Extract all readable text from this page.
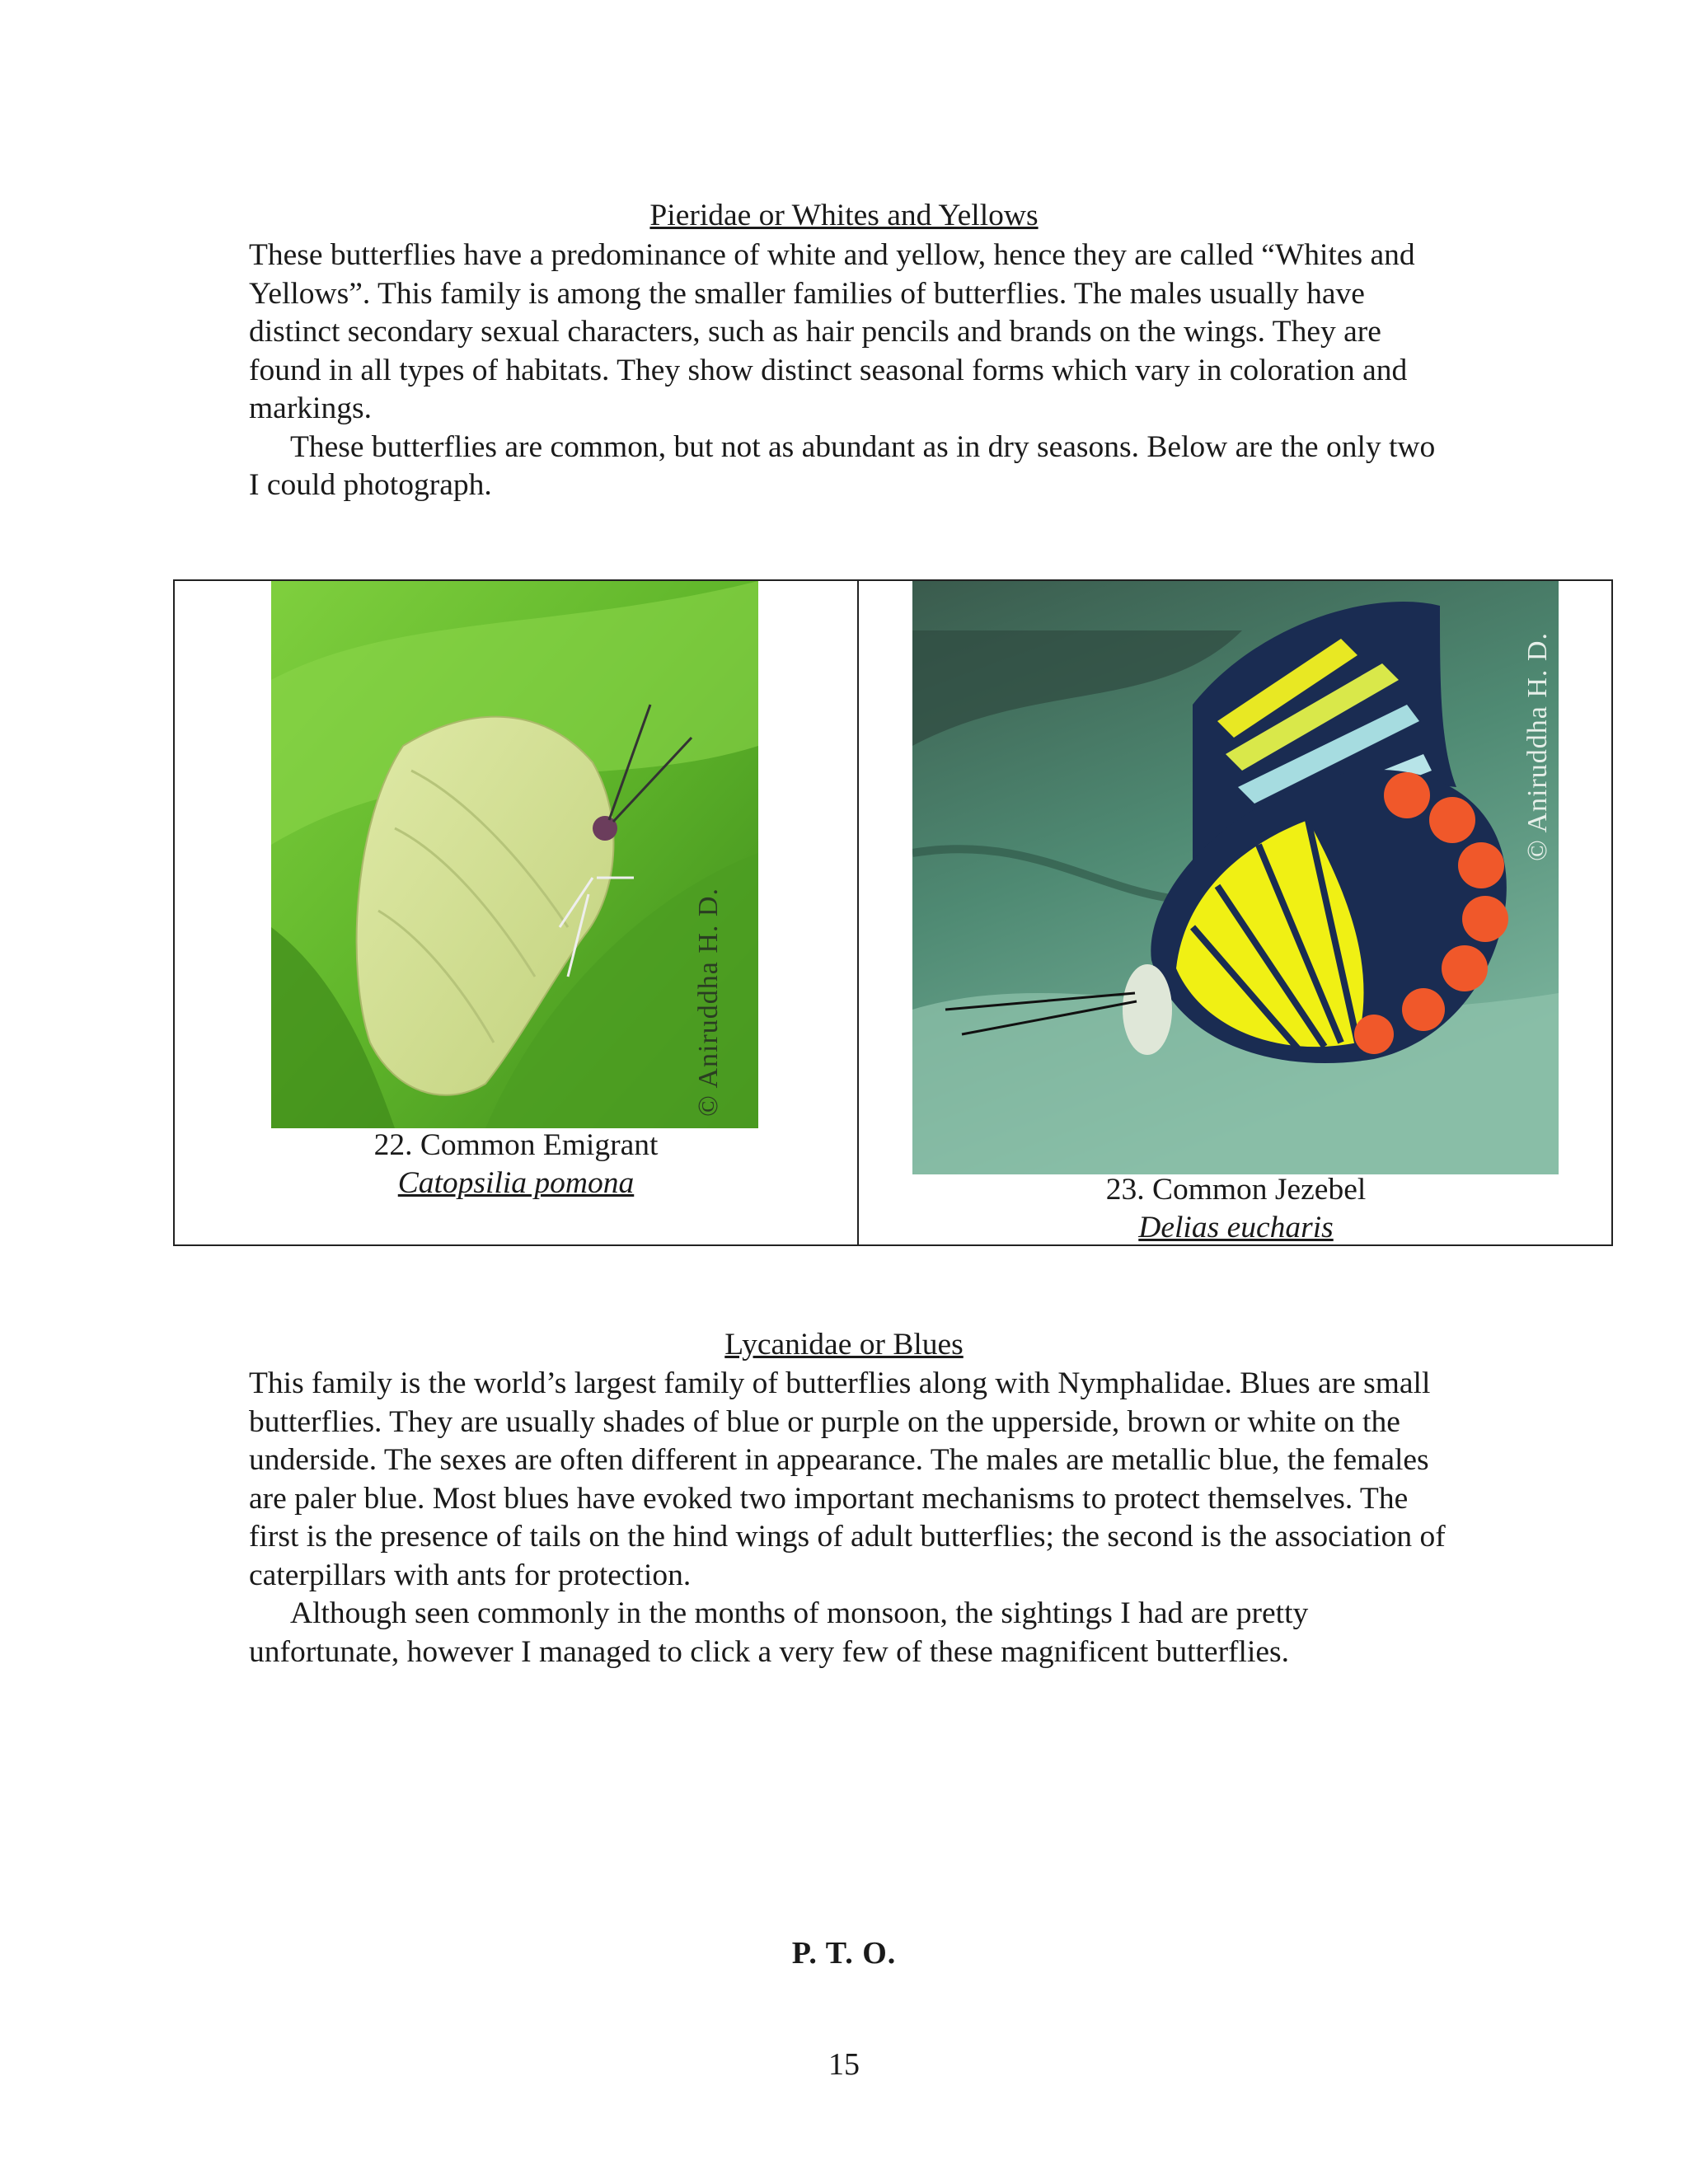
Pieridae or Whites and Yellows

These butterflies have a predominance of white and yellow, hence they are called “Whites and Yellows”. This family is among the smaller families of butterflies. The males usually have distinct secondary sexual characters, such as hair pencils and brands on the wings. They are found in all types of habitats. They show distinct seasonal forms which vary in coloration and markings.

These butterflies are common, but not as abundant as in dry seasons. Below are the only two I could photograph.

© Aniruddha H. D.
22. Common Emigrant
Catopsilia pomona
© Aniruddha H. D.
23. Common Jezebel
Delias eucharis
Lycanidae or Blues

This family is the world’s largest family of butterflies along with Nymphalidae. Blues are small butterflies. They are usually shades of blue or purple on the upperside, brown or white on the underside. The sexes are often different in appearance. The males are metallic blue, the females are paler blue. Most blues have evoked two important mechanisms to protect themselves. The first is the presence of tails on the hind wings of adult butterflies; the second is the association of caterpillars with ants for protection.

Although seen commonly in the months of monsoon, the sightings I had are pretty unfortunate, however I managed to click a very few of these magnificent butterflies.

P. T. O.
15
